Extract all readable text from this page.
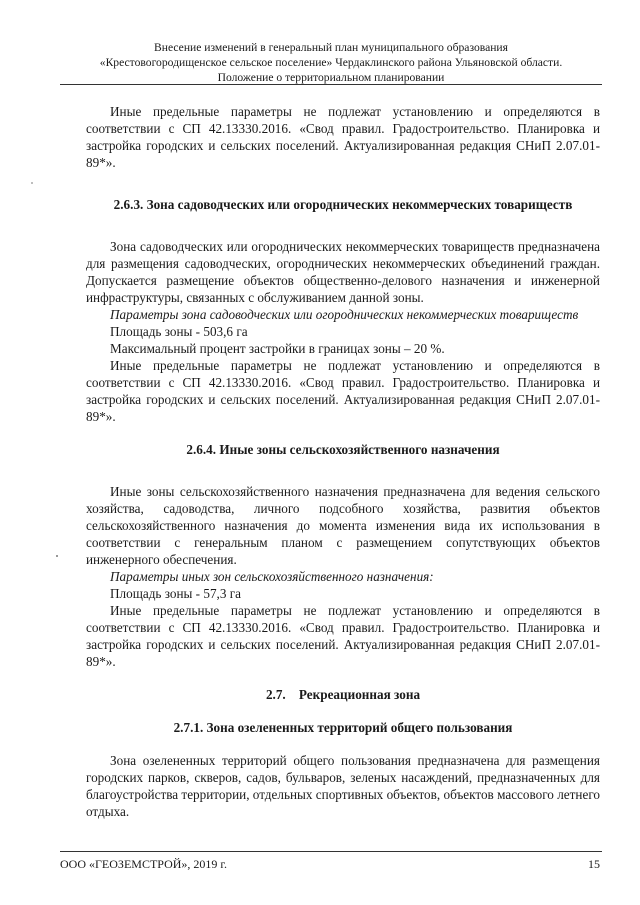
Внесение изменений в генеральный план муниципального образования
«Крестовогородищенское сельское поселение» Чердаклинского района Ульяновской области.
Положение о территориальном планировании

Иные предельные параметры не подлежат установлению и определяются в соответствии с СП 42.13330.2016. «Свод правил. Градостроительство. Планировка и застройка городских и сельских поселений. Актуализированная редакция СНиП 2.07.01-89*».

2.6.3. Зона садоводческих или огороднических некоммерческих товариществ

Зона садоводческих или огороднических некоммерческих товариществ предназначена для размещения садоводческих, огороднических некоммерческих объединений граждан. Допускается размещение объектов общественно-делового назначения и инженерной инфраструктуры, связанных с обслуживанием данной зоны.

Параметры зона садоводческих или огороднических некоммерческих товариществ

Площадь зоны - 503,6 га

Максимальный процент застройки в границах зоны – 20 %.

Иные предельные параметры не подлежат установлению и определяются в соответствии с СП 42.13330.2016. «Свод правил. Градостроительство. Планировка и застройка городских и сельских поселений. Актуализированная редакция СНиП 2.07.01-89*».

2.6.4. Иные зоны сельскохозяйственного назначения

Иные зоны сельскохозяйственного назначения предназначена для ведения сельского хозяйства, садоводства, личного подсобного хозяйства, развития объектов сельскохозяйственного назначения до момента изменения вида их использования в соответствии с генеральным планом с размещением сопутствующих объектов инженерного обеспечения.

Параметры иных зон сельскохозяйственного назначения:

Площадь зоны - 57,3 га

Иные предельные параметры не подлежат установлению и определяются в соответствии с СП 42.13330.2016. «Свод правил. Градостроительство. Планировка и застройка городских и сельских поселений. Актуализированная редакция СНиП 2.07.01-89*».

2.7.    Рекреационная зона

2.7.1. Зона озелененных территорий общего пользования

Зона озелененных территорий общего пользования предназначена для размещения городских парков, скверов, садов, бульваров, зеленых насаждений, предназначенных для благоустройства территории, отдельных спортивных объектов, объектов массового летнего отдыха.

ООО «ГЕОЗЕМСТРОЙ», 2019 г.	15
